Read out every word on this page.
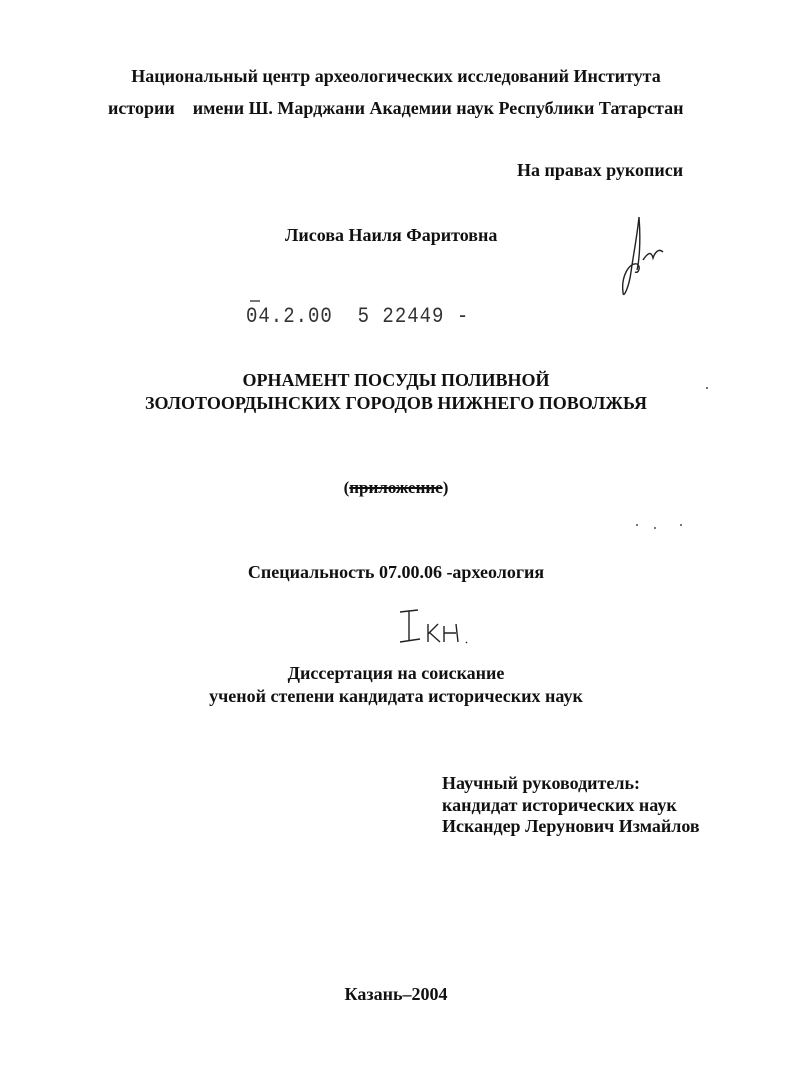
Национальный центр археологических исследований Института
истории    имени Ш. Марджани Академии наук Республики Татарстан
На правах рукописи
Лисова Наиля Фаритовна
04.2.00  5 22449 -
ОРНАМЕНТ ПОСУДЫ ПОЛИВНОЙ
ЗОЛОТООРДЫНСКИХ ГОРОДОВ НИЖНЕГО ПОВОЛЖЬЯ
(приложение)
Специальность 07.00.06 -археология
Диссертация на соискание
ученой степени кандидата исторических наук
Научный руководитель:
кандидат исторических наук
Искандер Лерунович Измайлов
Казань–2004
